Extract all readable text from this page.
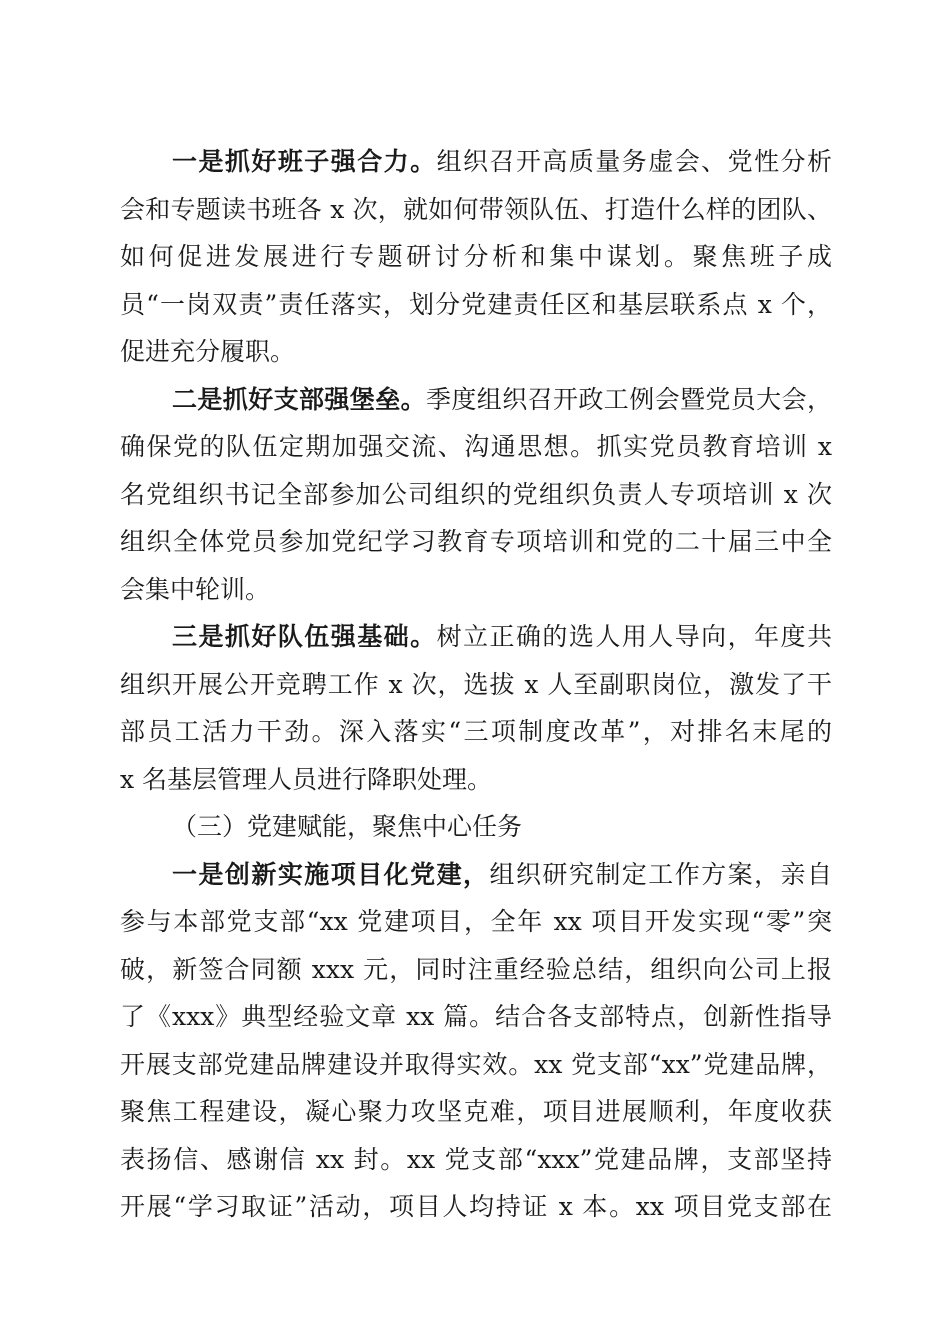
一是抓好班子强合力。组织召开高质量务虚会、党性分析
会和专题读书班各 x 次，就如何带领队伍、打造什么样的团队、
如何促进发展进行专题研讨分析和集中谋划。聚焦班子成
员“一岗双责”责任落实，划分党建责任区和基层联系点 x 个，
促进充分履职。
二是抓好支部强堡垒。季度组织召开政工例会暨党员大会，
确保党的队伍定期加强交流、沟通思想。抓实党员教育培训 x
名党组织书记全部参加公司组织的党组织负责人专项培训 x 次
组织全体党员参加党纪学习教育专项培训和党的二十届三中全
会集中轮训。
三是抓好队伍强基础。树立正确的选人用人导向，年度共
组织开展公开竞聘工作 x 次，选拔 x 人至副职岗位，激发了干
部员工活力干劲。深入落实“三项制度改革”，对排名末尾的
x 名基层管理人员进行降职处理。
（三）党建赋能，聚焦中心任务
一是创新实施项目化党建，组织研究制定工作方案，亲自
参与本部党支部“xx 党建项目，全年 xx 项目开发实现“零”突
破，新签合同额 xxx 元，同时注重经验总结，组织向公司上报
了《xxx》典型经验文章 xx 篇。结合各支部特点，创新性指导
开展支部党建品牌建设并取得实效。xx 党支部“xx”党建品牌，
聚焦工程建设，凝心聚力攻坚克难，项目进展顺利，年度收获
表扬信、感谢信 xx 封。xx 党支部“xxx”党建品牌，支部坚持
开展“学习取证”活动，项目人均持证 x 本。xx 项目党支部在
